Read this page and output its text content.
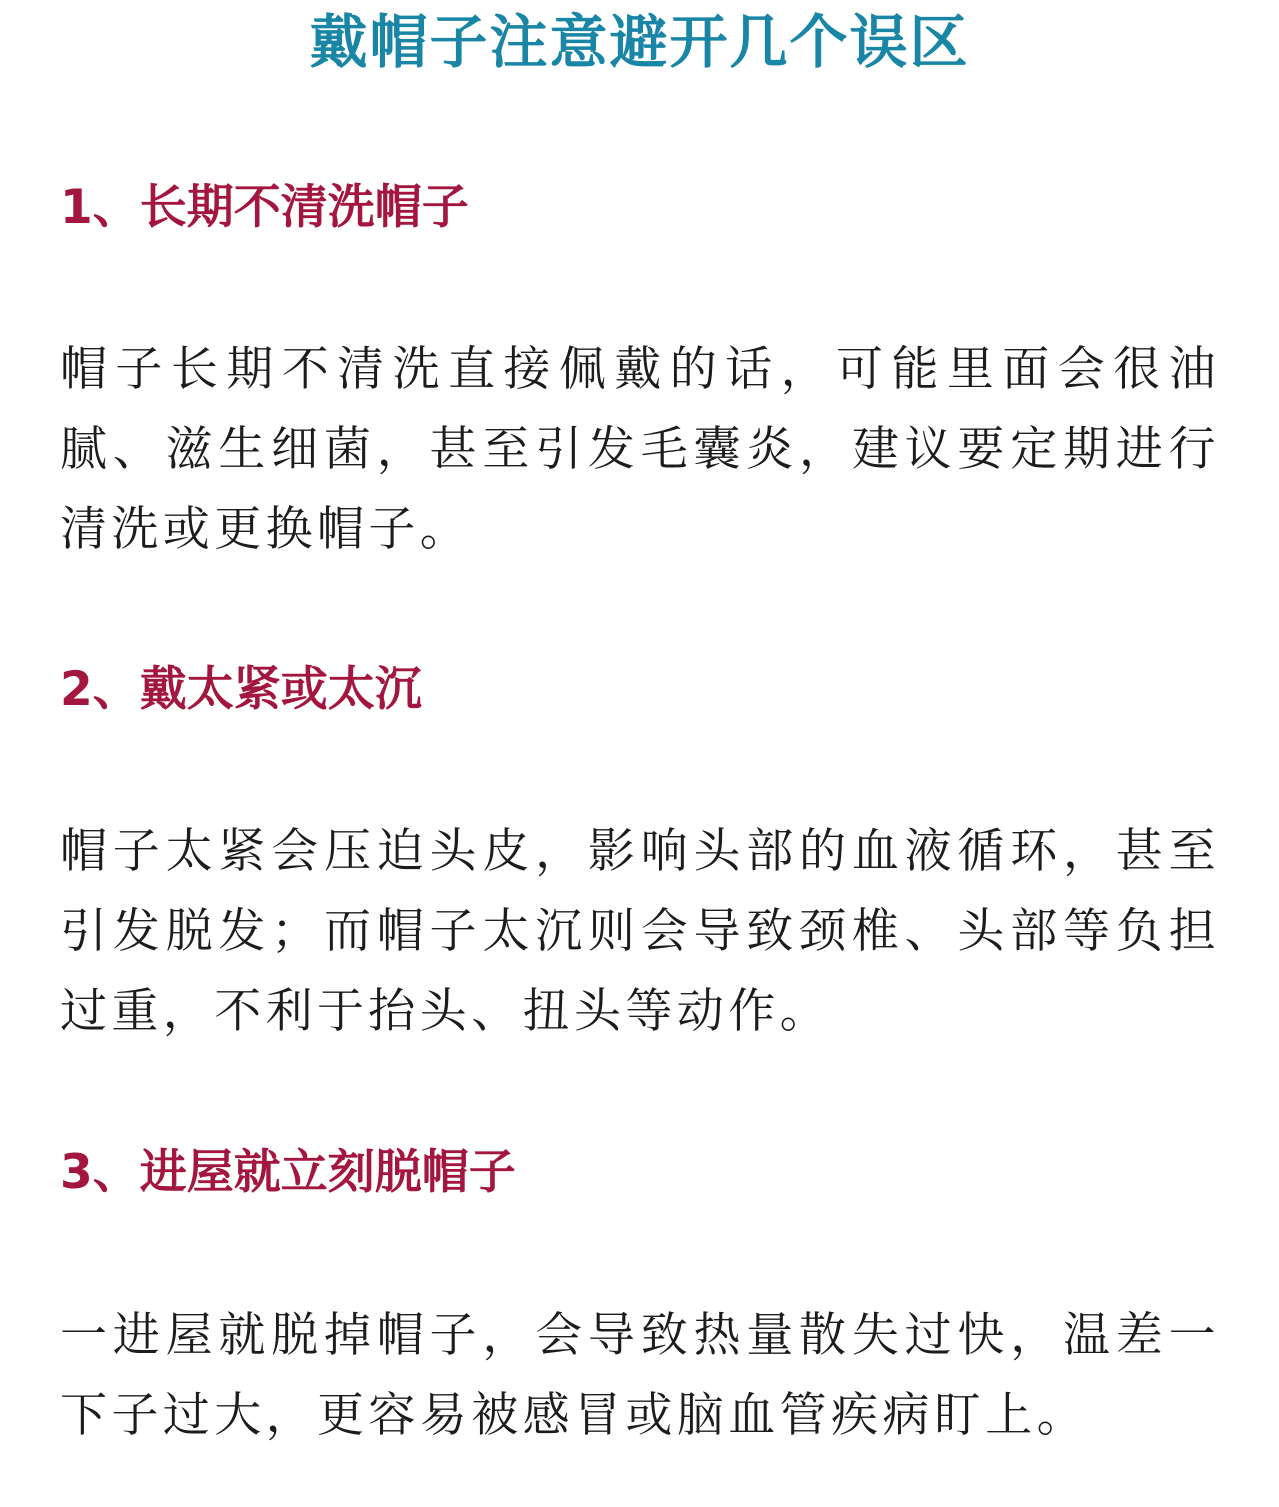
戴帽子注意避开几个误区
1、长期不清洗帽子

帽子长期不清洗直接佩戴的话，可能里面会很油腻、滋生细菌，甚至引发毛囊炎，建议要定期进行清洗或更换帽子。

2、戴太紧或太沉

帽子太紧会压迫头皮，影响头部的血液循环，甚至引发脱发；而帽子太沉则会导致颈椎、头部等负担过重，不利于抬头、扭头等动作。

3、进屋就立刻脱帽子

一进屋就脱掉帽子，会导致热量散失过快，温差一下子过大，更容易被感冒或脑血管疾病盯上。
